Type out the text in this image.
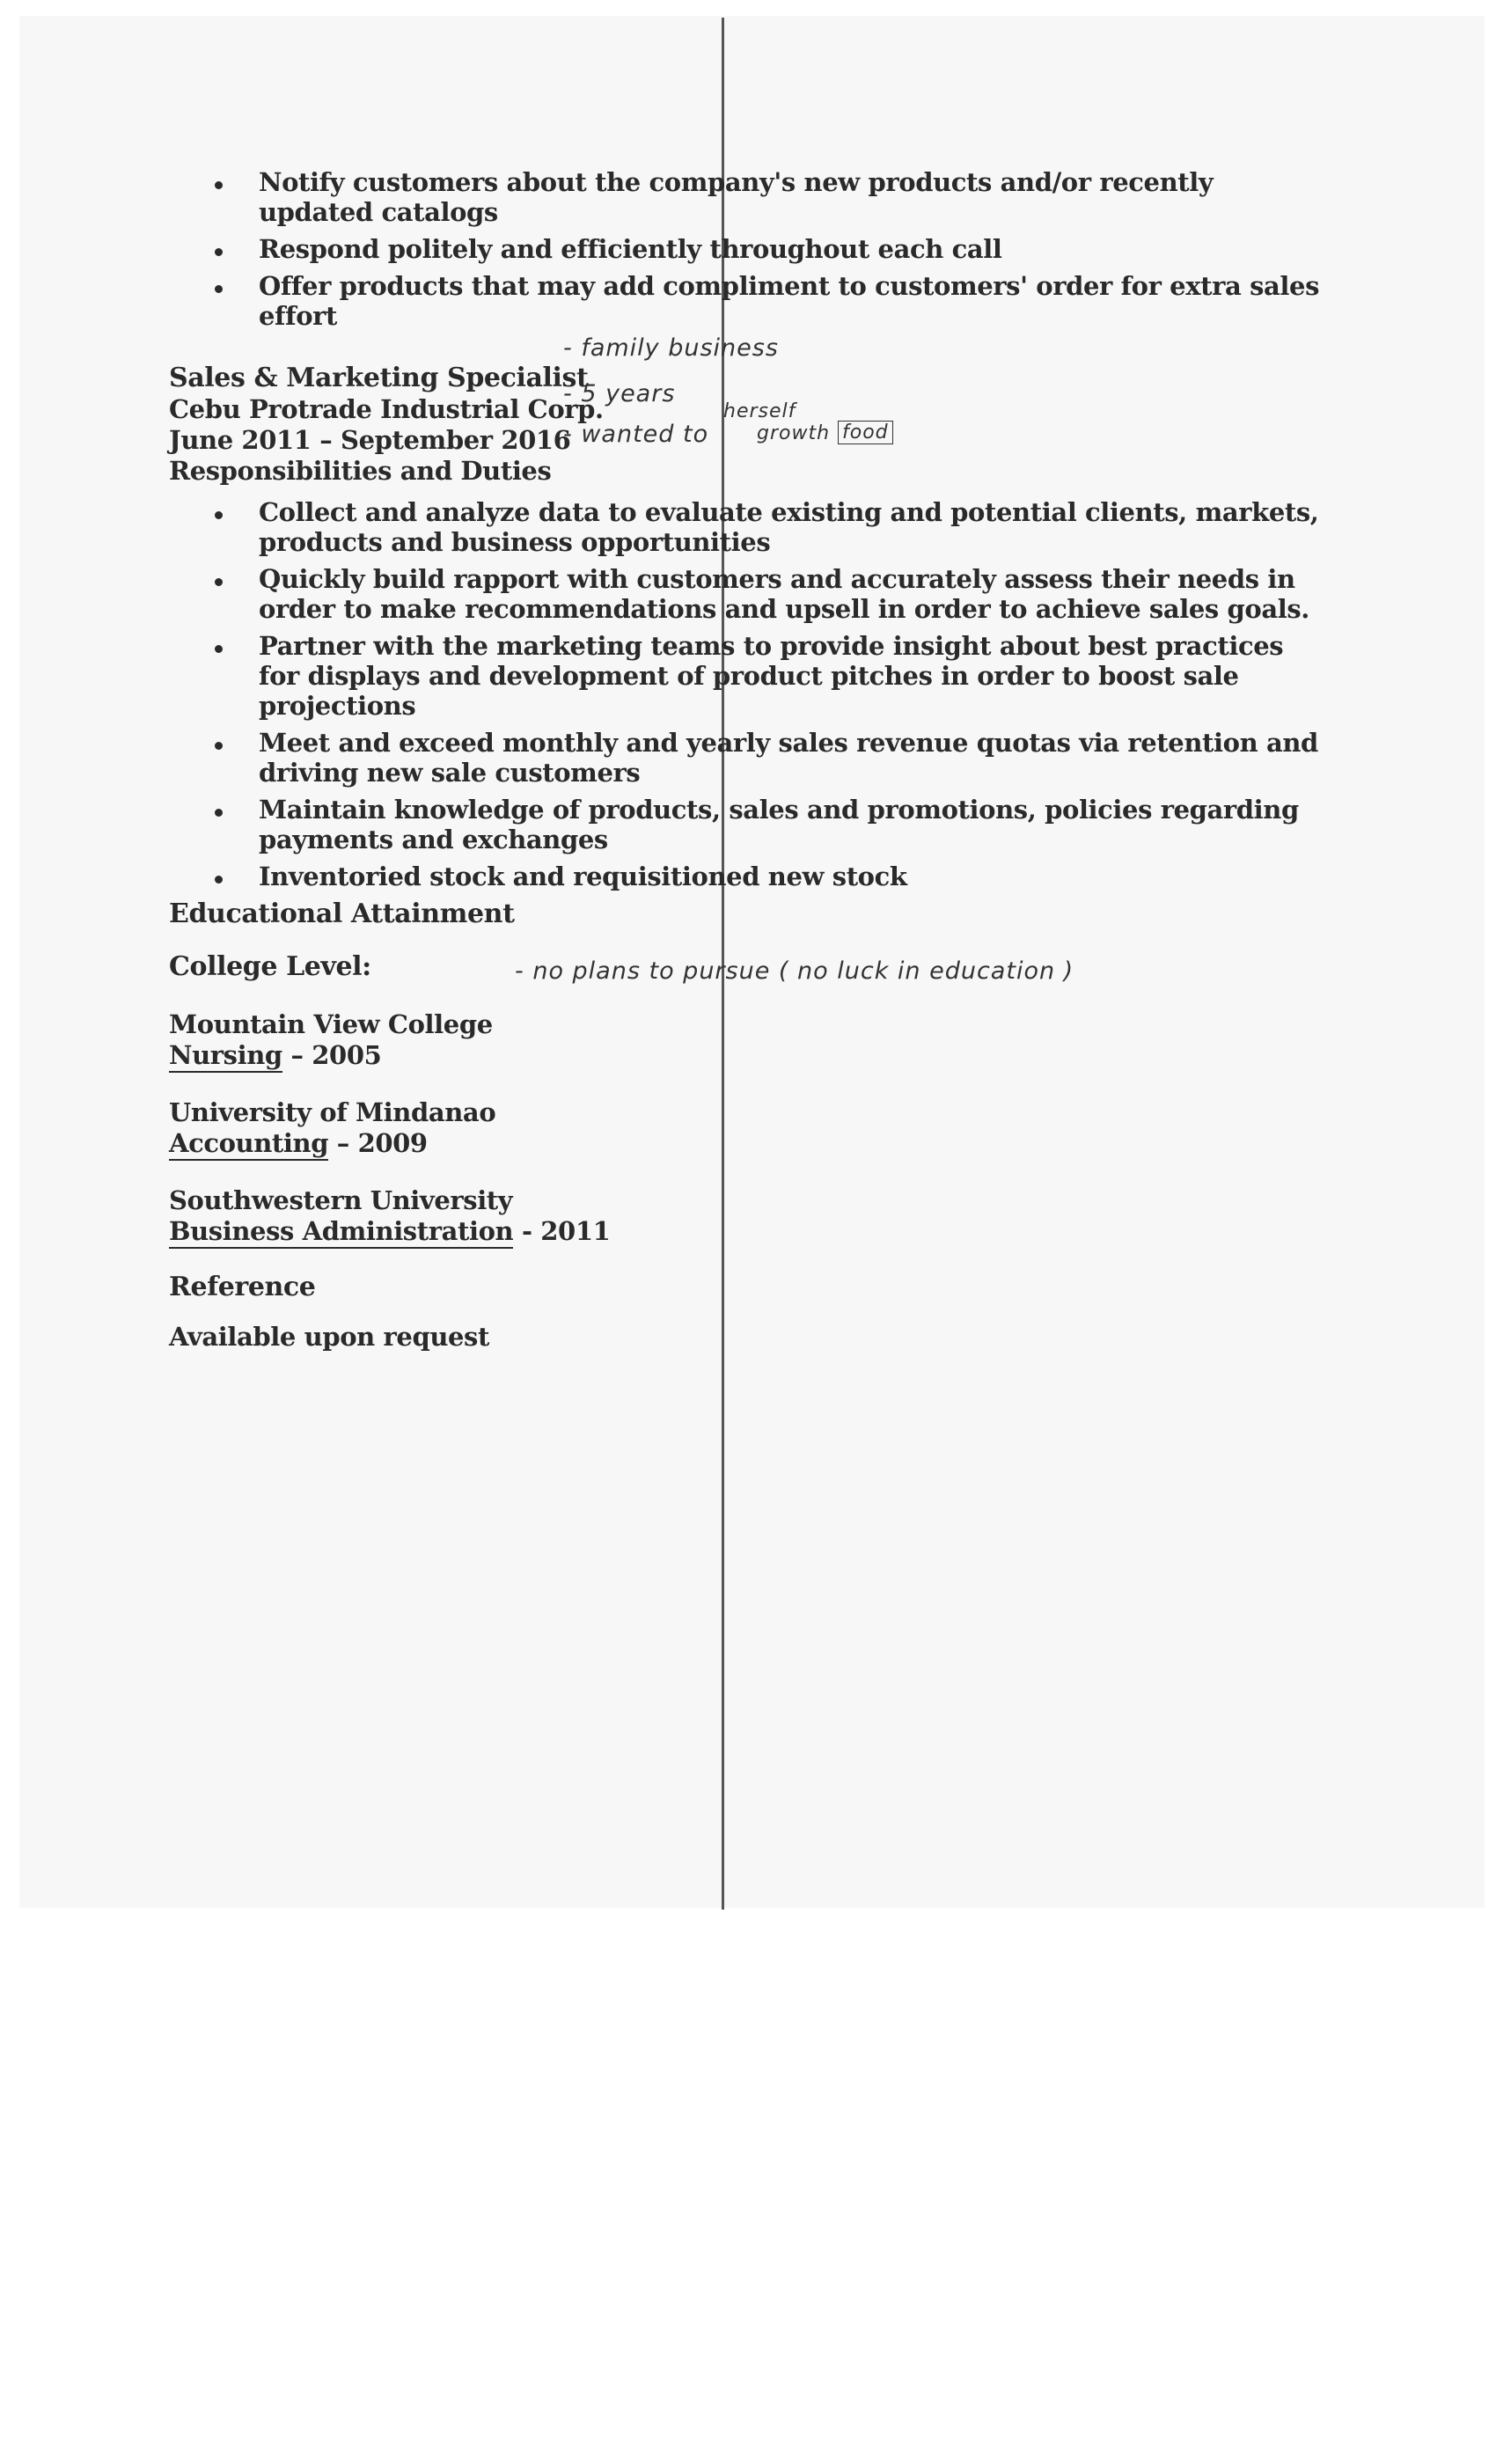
Notify customers about the company's new products and/or recently updated catalogs
Respond politely and efficiently throughout each call
Offer products that may add compliment to customers' order for extra sales effort
Sales & Marketing Specialist
Cebu Protrade Industrial Corp.
June 2011 – September 2016
Responsibilities and Duties
Collect and analyze data to evaluate existing and potential clients, markets, products and business opportunities
Quickly build rapport with customers and accurately assess their needs in order to make recommendations and upsell in order to achieve sales goals.
Partner with the marketing teams to provide insight about best practices for displays and development of product pitches in order to boost sale projections
Meet and exceed monthly and yearly sales revenue quotas via retention and driving new sale customers
Maintain knowledge of products, sales and promotions, policies regarding payments and exchanges
Inventoried stock and requisitioned new stock
Educational Attainment
College Level:
Mountain View College
Nursing – 2005
University of Mindanao
Accounting – 2009
Southwestern University
Business Administration - 2011
Reference
Available upon request
- family business
- 5 years
- wanted to
herself
growth food
- no plans to pursue ( no luck in education )
